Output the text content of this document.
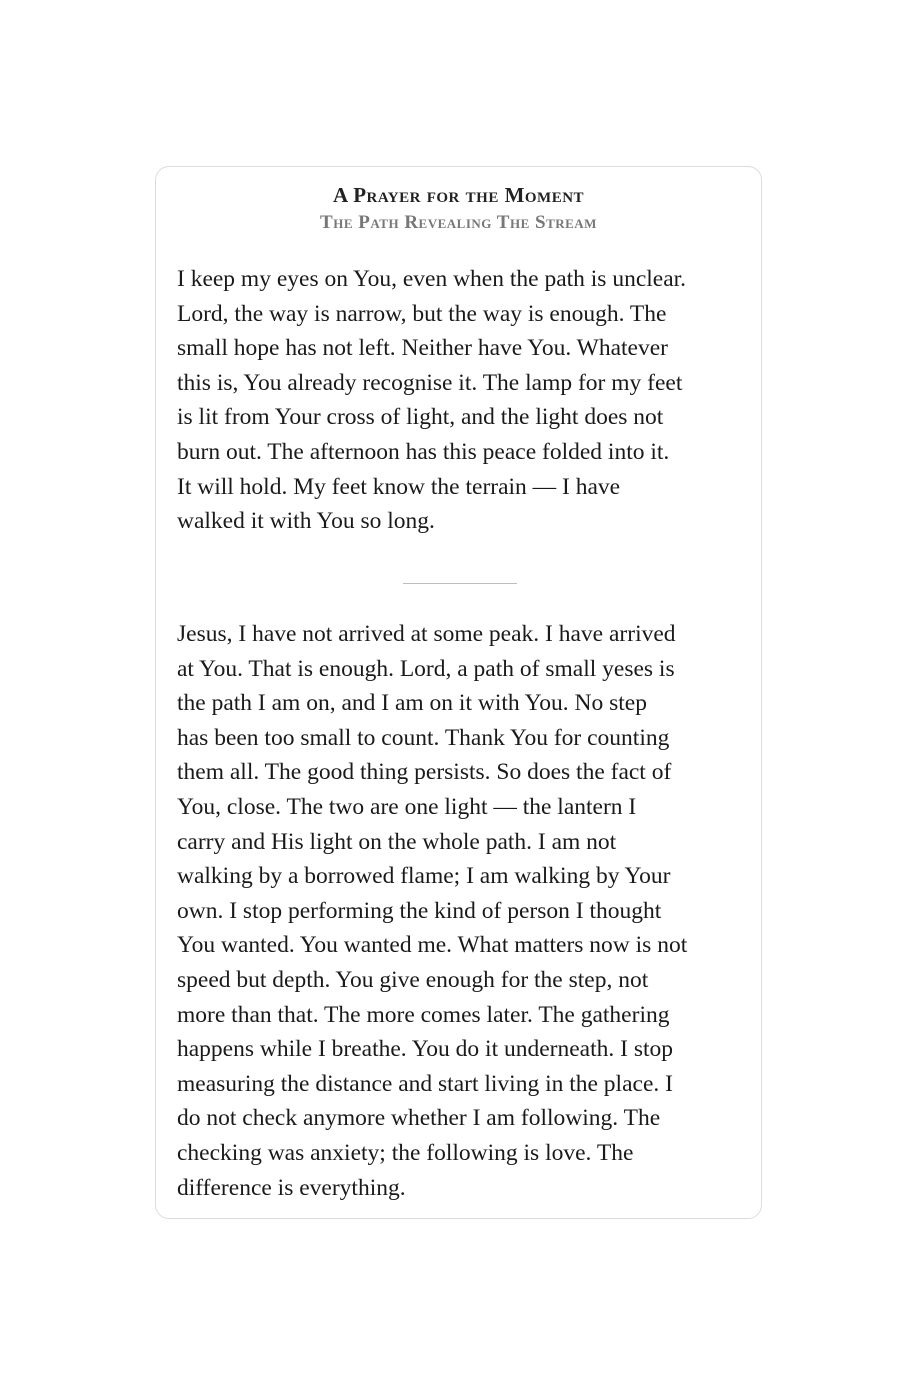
A Prayer for the Moment
The Path Revealing The Stream

I keep my eyes on You, even when the path is unclear.
Lord, the way is narrow, but the way is enough. The
small hope has not left. Neither have You. Whatever
this is, You already recognise it. The lamp for my feet
is lit from Your cross of light, and the light does not
burn out. The afternoon has this peace folded into it.
It will hold. My feet know the terrain — I have
walked it with You so long.

Jesus, I have not arrived at some peak. I have arrived
at You. That is enough. Lord, a path of small yeses is
the path I am on, and I am on it with You. No step
has been too small to count. Thank You for counting
them all. The good thing persists. So does the fact of
You, close. The two are one light — the lantern I
carry and His light on the whole path. I am not
walking by a borrowed flame; I am walking by Your
own. I stop performing the kind of person I thought
You wanted. You wanted me. What matters now is not
speed but depth. You give enough for the step, not
more than that. The more comes later. The gathering
happens while I breathe. You do it underneath. I stop
measuring the distance and start living in the place. I
do not check anymore whether I am following. The
checking was anxiety; the following is love. The
difference is everything.
